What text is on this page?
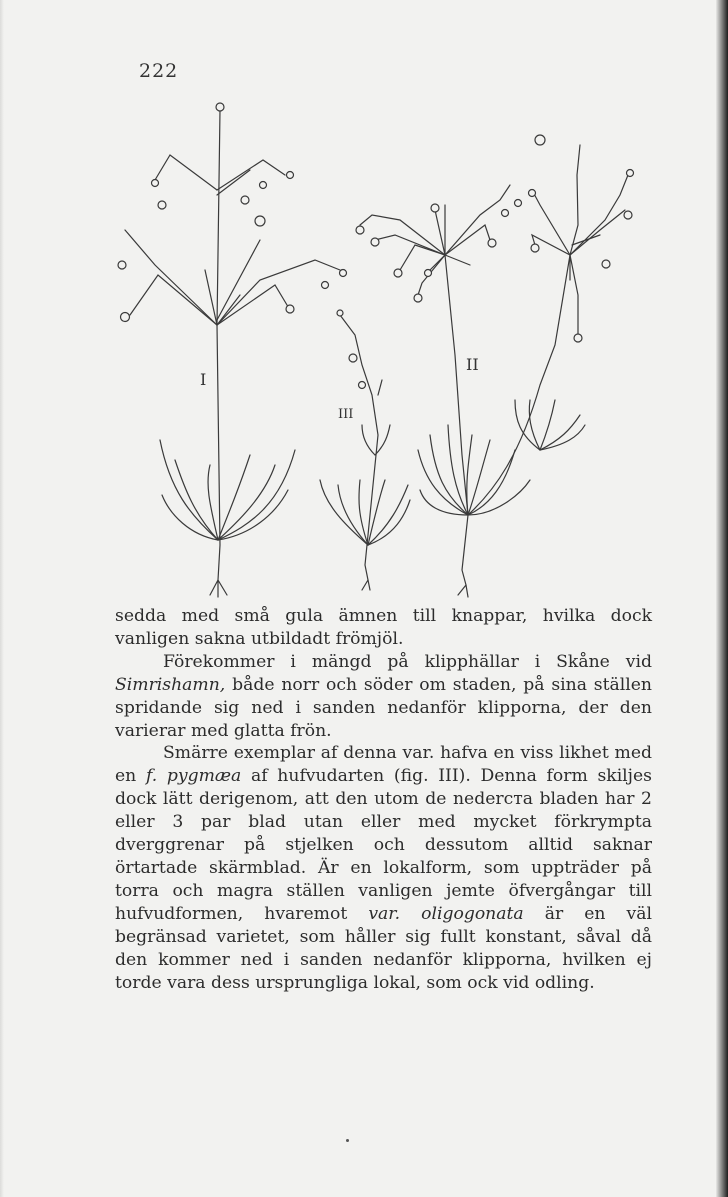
222
I
II
III

sedda med små gula ämnen till knappar, hvilka dock vanligen sakna utbildadt frömjöl.

Förekommer i mängd på klipphällar i Skåne vid Simrishamn, både norr och söder om staden, på sina ställen spridande sig ned i sanden nedanför klipporna, der den varierar med glatta frön.

Smärre exemplar af denna var. hafva en viss likhet med en f. pygmæa af hufvudarten (fig. III). Denna form skiljes dock lätt derigenom, att den utom de nederста bladen har 2 eller 3 par blad utan eller med mycket förkrympta dverggrenar på stjelken och dessutom alltid saknar örtartade skärmblad. Är en lokalform, som uppträder på torra och magra ställen vanligen jemte öfvergångar till hufvudformen, hvaremot var. oligogonata är en väl begränsad varietet, som håller sig fullt konstant, såval då den kommer ned i sanden nedanför klipporna, hvilken ej torde vara dess ursprungliga lokal, som ock vid odling.
